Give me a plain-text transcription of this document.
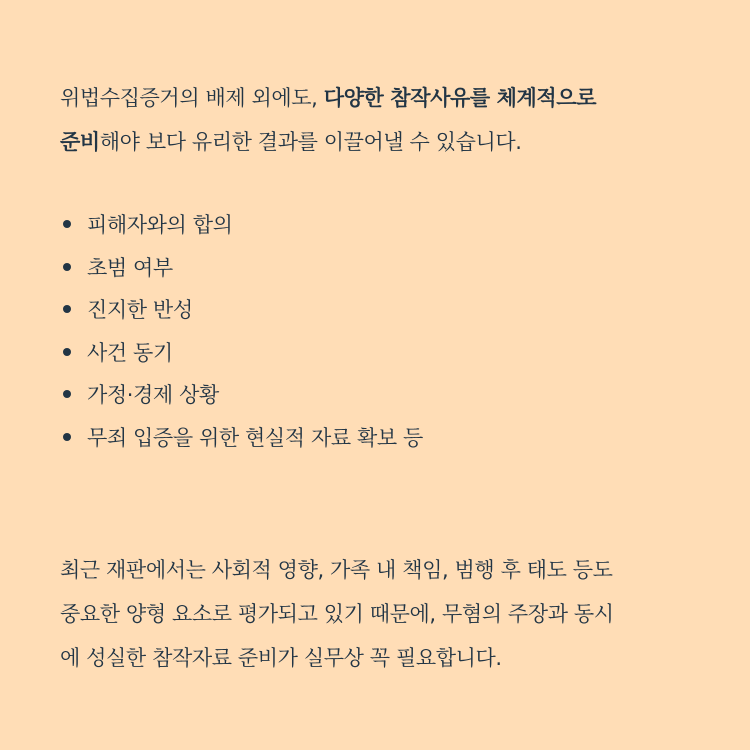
위법수집증거의 배제 외에도, 다양한 참작사유를 체계적으로
준비해야 보다 유리한 결과를 이끌어낼 수 있습니다.

피해자와의 합의
초범 여부
진지한 반성
사건 동기
가정·경제 상황
무죄 입증을 위한 현실적 자료 확보 등

최근 재판에서는 사회적 영향, 가족 내 책임, 범행 후 태도 등도
중요한 양형 요소로 평가되고 있기 때문에, 무혐의 주장과 동시
에 성실한 참작자료 준비가 실무상 꼭 필요합니다.
